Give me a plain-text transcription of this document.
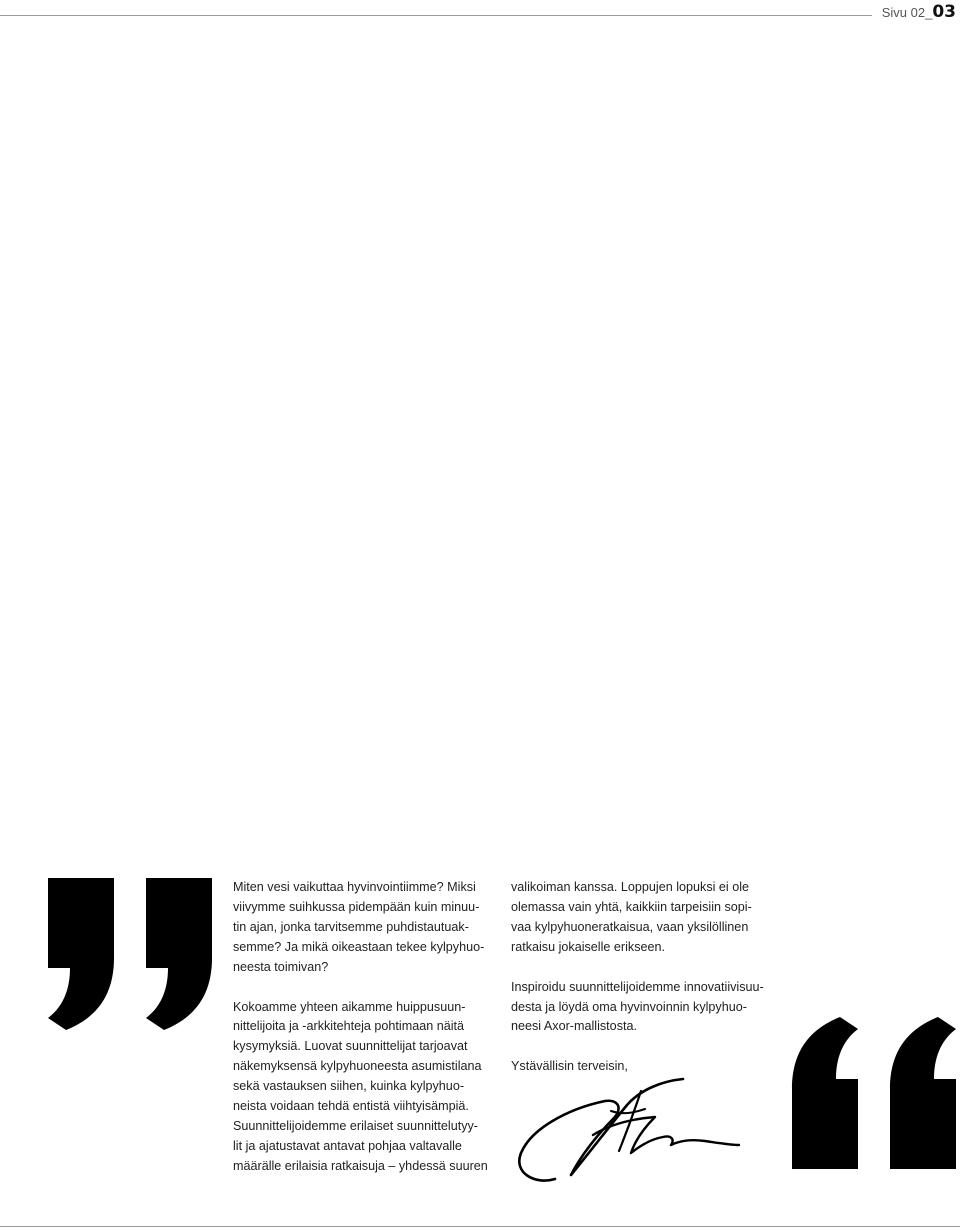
Sivu 02_03

Miten vesi vaikuttaa hyvinvointiimme? Miksi
viivymme suihkussa pidempään kuin minuu-
tin ajan, jonka tarvitsemme puhdistautuak-
semme? Ja mikä oikeastaan tekee kylpyhuo-
neesta toimivan?

Kokoamme yhteen aikamme huippusuun-
nittelijoita ja -arkkitehteja pohtimaan näitä
kysymyksiä. Luovat suunnittelijat tarjoavat
näkemyksensä kylpyhuoneesta asumistilana
sekä vastauksen siihen, kuinka kylpyhuo-
neista voidaan tehdä entistä viihtyisämpiä.
Suunnittelijoidemme erilaiset suunnittelutyy-
lit ja ajatustavat antavat pohjaa valtavalle
määrälle erilaisia ratkaisuja – yhdessä suuren

valikoiman kanssa. Loppujen lopuksi ei ole
olemassa vain yhtä, kaikkiin tarpeisiin sopi-
vaa kylpyhuoneratkaisua, vaan yksilöllinen
ratkaisu jokaiselle erikseen.

Inspiroidu suunnittelijoidemme innovatiivisuu-
desta ja löydä oma hyvinvoinnin kylpyhuo-
neesi Axor-mallistosta.

Ystävällisin terveisin,
